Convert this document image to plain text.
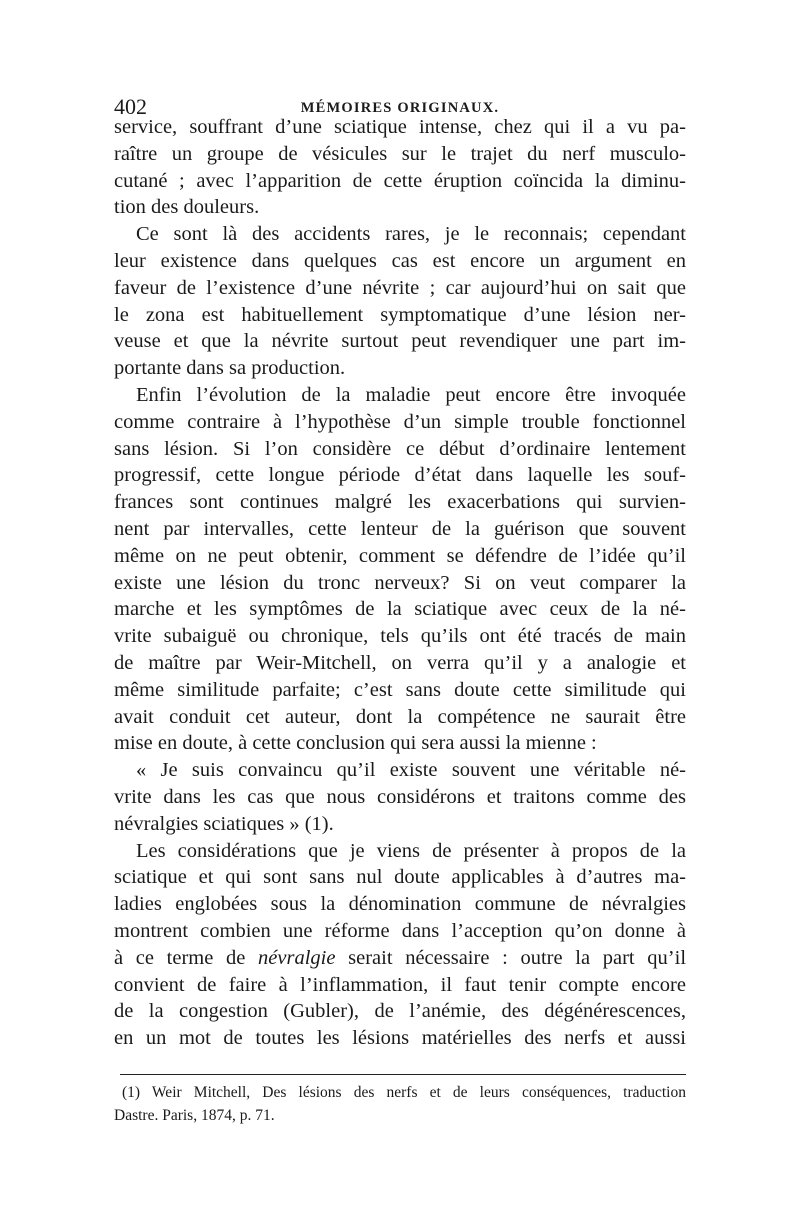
402	MÉMOIRES ORIGINAUX.
service, souffrant d’une sciatique intense, chez qui il a vu pa-
raître un groupe de vésicules sur le trajet du nerf musculo-
cutané ; avec l’apparition de cette éruption coïncida la diminu-
tion des douleurs.
Ce sont là des accidents rares, je le reconnais; cependant
leur existence dans quelques cas est encore un argument en
faveur de l’existence d’une névrite ; car aujourd’hui on sait que
le zona est habituellement symptomatique d’une lésion ner-
veuse et que la névrite surtout peut revendiquer une part im-
portante dans sa production.
Enfin l’évolution de la maladie peut encore être invoquée
comme contraire à l’hypothèse d’un simple trouble fonctionnel
sans lésion. Si l’on considère ce début d’ordinaire lentement
progressif, cette longue période d’état dans laquelle les souf-
frances sont continues malgré les exacerbations qui survien-
nent par intervalles, cette lenteur de la guérison que souvent
même on ne peut obtenir, comment se défendre de l’idée qu’il
existe une lésion du tronc nerveux? Si on veut comparer la
marche et les symptômes de la sciatique avec ceux de la né-
vrite subaiguë ou chronique, tels qu’ils ont été tracés de main
de maître par Weir-Mitchell, on verra qu’il y a analogie et
même similitude parfaite; c’est sans doute cette similitude qui
avait conduit cet auteur, dont la compétence ne saurait être
mise en doute, à cette conclusion qui sera aussi la mienne :
« Je suis convaincu qu’il existe souvent une véritable né-
vrite dans les cas que nous considérons et traitons comme des
névralgies sciatiques » (1).
Les considérations que je viens de présenter à propos de la
sciatique et qui sont sans nul doute applicables à d’autres ma-
ladies englobées sous la dénomination commune de névralgies
montrent combien une réforme dans l’acception qu’on donne à
à ce terme de névralgie serait nécessaire : outre la part qu’il
convient de faire à l’inflammation, il faut tenir compte encore
de la congestion (Gubler), de l’anémie, des dégénérescences,
en un mot de toutes les lésions matérielles des nerfs et aussi
(1) Weir Mitchell, Des lésions des nerfs et de leurs conséquences, traduction
Dastre. Paris, 1874, p. 71.
